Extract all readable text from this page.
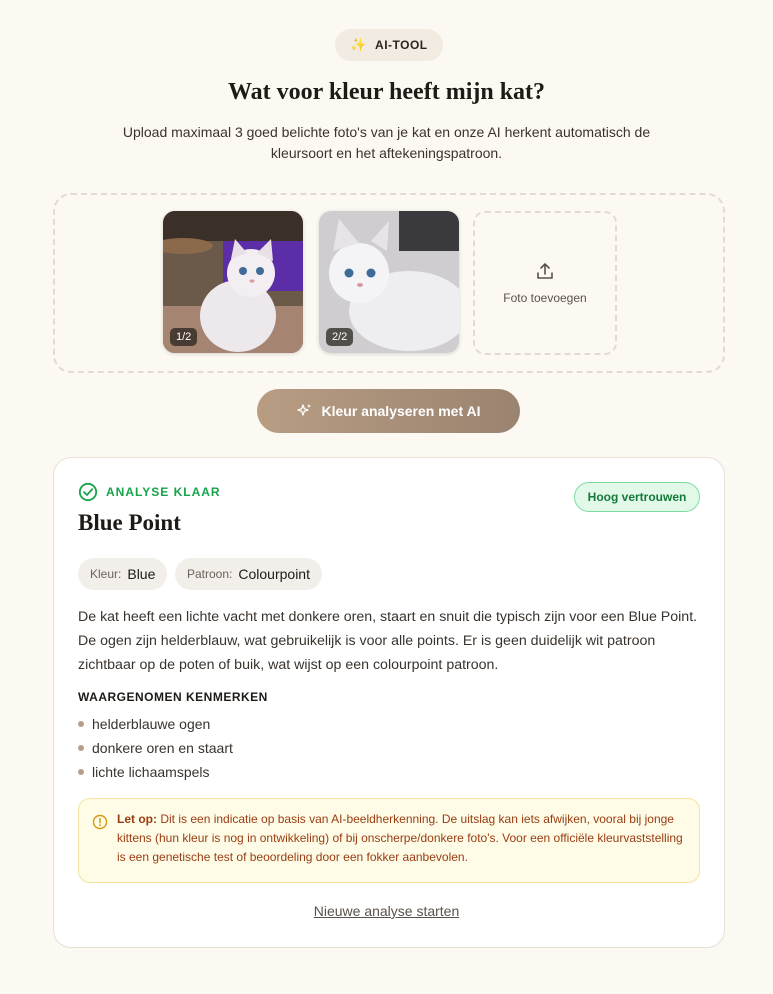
✨ AI-TOOL
Wat voor kleur heeft mijn kat?

Upload maximaal 3 goed belichte foto's van je kat en onze AI herkent automatisch de kleursoort en het aftekeningspatroon.

1/2	2/2
Foto toevoegen
Kleur analyseren met AI
ANALYSE KLAAR	Hoog vertrouwen
Blue Point
Kleur: Blue	Patroon: Colourpoint

De kat heeft een lichte vacht met donkere oren, staart en snuit die typisch zijn voor een Blue Point. De ogen zijn helderblauw, wat gebruikelijk is voor alle points. Er is geen duidelijk wit patroon zichtbaar op de poten of buik, wat wijst op een colourpoint patroon.

WAARGENOMEN KENMERKEN
helderblauwe ogen
donkere oren en staart
lichte lichaamspels

Let op: Dit is een indicatie op basis van AI-beeldherkenning. De uitslag kan iets afwijken, vooral bij jonge kittens (hun kleur is nog in ontwikkeling) of bij onscherpe/donkere foto's. Voor een officiële kleurvaststelling is een genetische test of beoordeling door een fokker aanbevolen.

Nieuwe analyse starten
